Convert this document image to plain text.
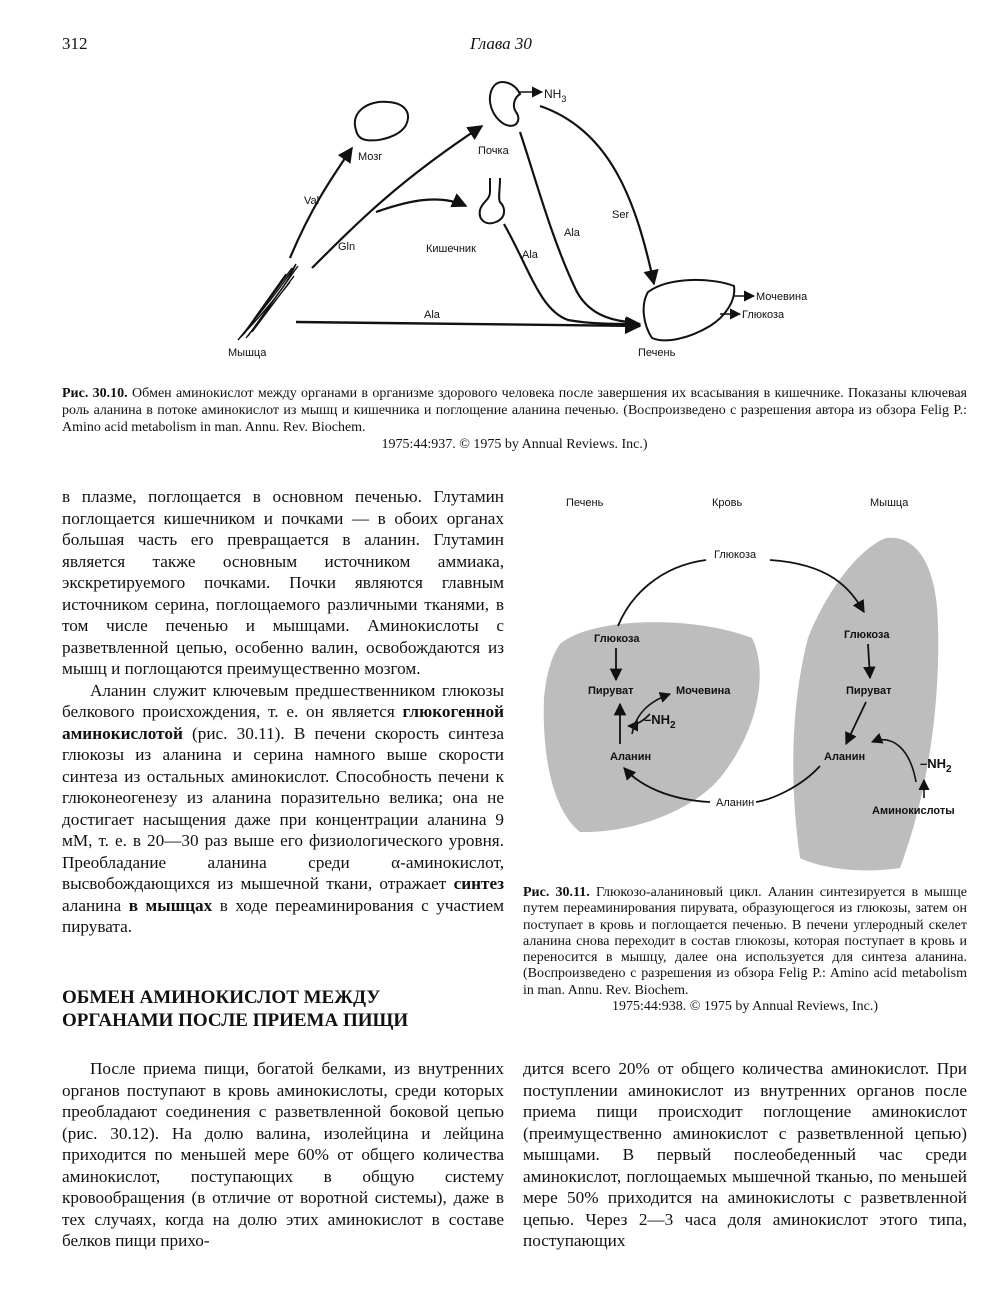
312	Глава 30
Мозг
$NH_3$
Почка
Кишечник
Мышца	Печень
Мочевина
Глюкоза
Val
Gln
Ala
Ser
Ala
Ala
Рис. 30.10. Обмен аминокислот между органами в организме здорового человека после завершения их всасывания в кишечнике. Показаны ключевая роль аланина в потоке аминокислот из мышц и кишечника и поглощение аланина печенью. (Воспроизведено с разрешения автора из обзора Felig P.: Amino acid metabolism in man. Annu. Rev. Biochem.
1975:44:937. © 1975 by Annual Reviews. Inc.)

в плазме, поглощается в основном печенью. Глутамин поглощается кишечником и почками — в обоих органах большая часть его превращается в аланин. Глутамин является также основным источником аммиака, экскретируемого почками. Почки являются главным источником серина, поглощаемого различными тканями, в том числе печенью и мышцами. Аминокислоты с разветвленной цепью, особенно валин, освобождаются из мышц и поглощаются преимущественно мозгом.

Аланин служит ключевым предшественником глюкозы белкового происхождения, т. е. он является глюкогенной аминокислотой (рис. 30.11). В печени скорость синтеза глюкозы из аланина и серина намного выше скорости синтеза из остальных аминокислот. Способность печени к глюконеогенезу из аланина поразительно велика; она не достигает насыщения даже при концентрации аланина 9 мМ, т. е. в 20—30 раз выше его физиологического уровня. Преобладание аланина среди α-аминокислот, высвобождающихся из мышечной ткани, отражает синтез аланина в мышцах в ходе переаминирования с участием пирувата.

ОБМЕН АМИНОКИСЛОТ МЕЖДУ ОРГАНАМИ ПОСЛЕ ПРИЕМА ПИЩИ

После приема пищи, богатой белками, из внутренних органов поступают в кровь аминокислоты, среди которых преобладают соединения с разветвленной боковой цепью (рис. 30.12). На долю валина, изолейцина и лейцина приходится по меньшей мере 60% от общего количества аминокислот, поступающих в общую систему кровообращения (в отличие от воротной системы), даже в тех случаях, когда на долю этих аминокислот в составе белков пищи прихо-

Печень	Кровь	Мышца
Глюкоза
Глюкоза	Глюкоза
Пируват	Пируват
Мочевина
$-NH_2$
$-NH_2$
Аланин	Аланин
Аланин
Аминокислоты
Рис. 30.11. Глюкозо-аланиновый цикл. Аланин синтезируется в мышце путем переаминирования пирувата, образующегося из глюкозы, затем он поступает в кровь и поглощается печенью. В печени углеродный скелет аланина снова переходит в состав глюкозы, которая поступает в кровь и переносится в мышцу, далее она используется для синтеза аланина. (Воспроизведено с разрешения из обзора Felig P.: Amino acid metabolism in man. Annu. Rev. Biochem.
1975:44:938. © 1975 by Annual Reviews, Inc.)

дится всего 20% от общего количества аминокислот. При поступлении аминокислот из внутренних органов после приема пищи происходит поглощение аминокислот (преимущественно аминокислот с разветвленной цепью) мышцами. В первый послеобеденный час среди аминокислот, поглощаемых мышечной тканью, по меньшей мере 50% приходится на аминокислоты с разветвленной цепью. Через 2—3 часа доля аминокислот этого типа, поступающих
